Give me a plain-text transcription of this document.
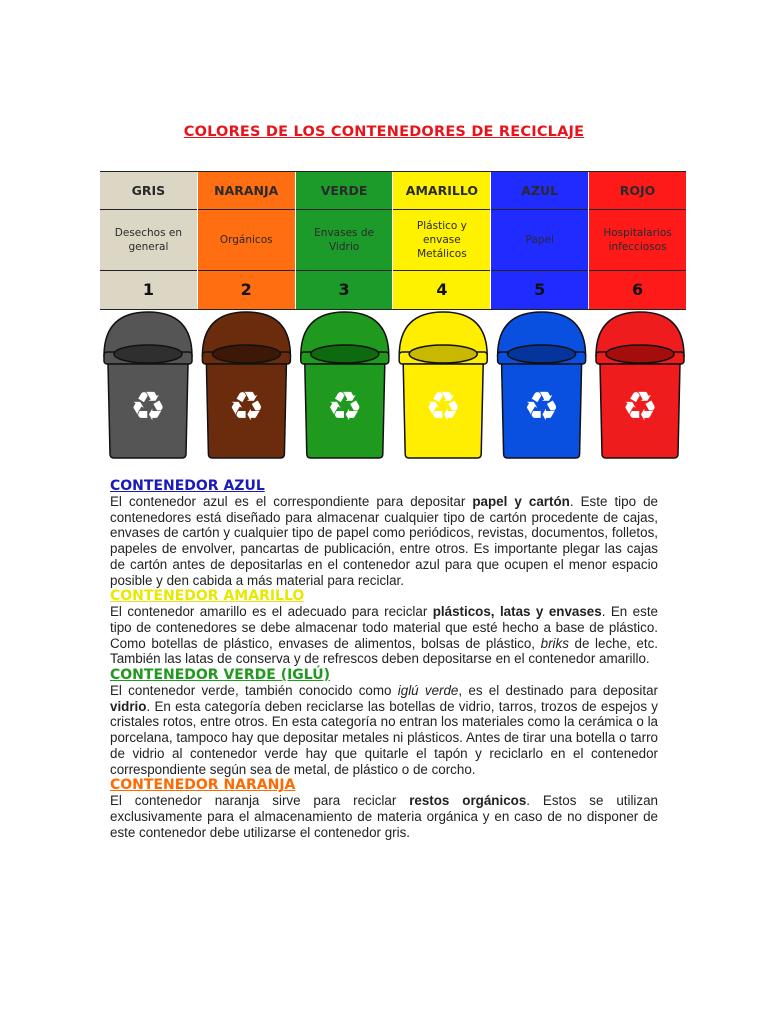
COLORES DE LOS CONTENEDORES DE RECICLAJE
GRIS
Desechos en general
1
NARANJA
Orgánicos
2
VERDE
Envases de Vidrio
3
AMARILLO
Plástico y envase Metálicos
4
AZUL
Papel
5
ROJO
Hospitalarios infecciosos
6
♻ ♻ ♻ ♻ ♻ ♻

CONTENEDOR AZUL

El contenedor azul es el correspondiente para depositar papel y cartón. Este tipo de contenedores está diseñado para almacenar cualquier tipo de cartón procedente de cajas, envases de cartón y cualquier tipo de papel como periódicos, revistas, documentos, folletos, papeles de envolver, pancartas de publicación, entre otros. Es importante plegar las cajas de cartón antes de depositarlas en el contenedor azul para que ocupen el menor espacio posible y den cabida a más material para reciclar.

CONTENEDOR AMARILLO

El contenedor amarillo es el adecuado para reciclar plásticos, latas y envases. En este tipo de contenedores se debe almacenar todo material que esté hecho a base de plástico. Como botellas de plástico, envases de alimentos, bolsas de plástico, briks de leche, etc. También las latas de conserva y de refrescos deben depositarse en el contenedor amarillo.

CONTENEDOR VERDE (IGLÚ)

El contenedor verde, también conocido como iglú verde, es el destinado para depositar vidrio. En esta categoría deben reciclarse las botellas de vidrio, tarros, trozos de espejos y cristales rotos, entre otros. En esta categoría no entran los materiales como la cerámica o la porcelana, tampoco hay que depositar metales ni plásticos. Antes de tirar una botella o tarro de vidrio al contenedor verde hay que quitarle el tapón y reciclarlo en el contenedor correspondiente según sea de metal, de plástico o de corcho.

CONTENEDOR NARANJA

El contenedor naranja sirve para reciclar restos orgánicos. Estos se utilizan exclusivamente para el almacenamiento de materia orgánica y en caso de no disponer de este contenedor debe utilizarse el contenedor gris.
